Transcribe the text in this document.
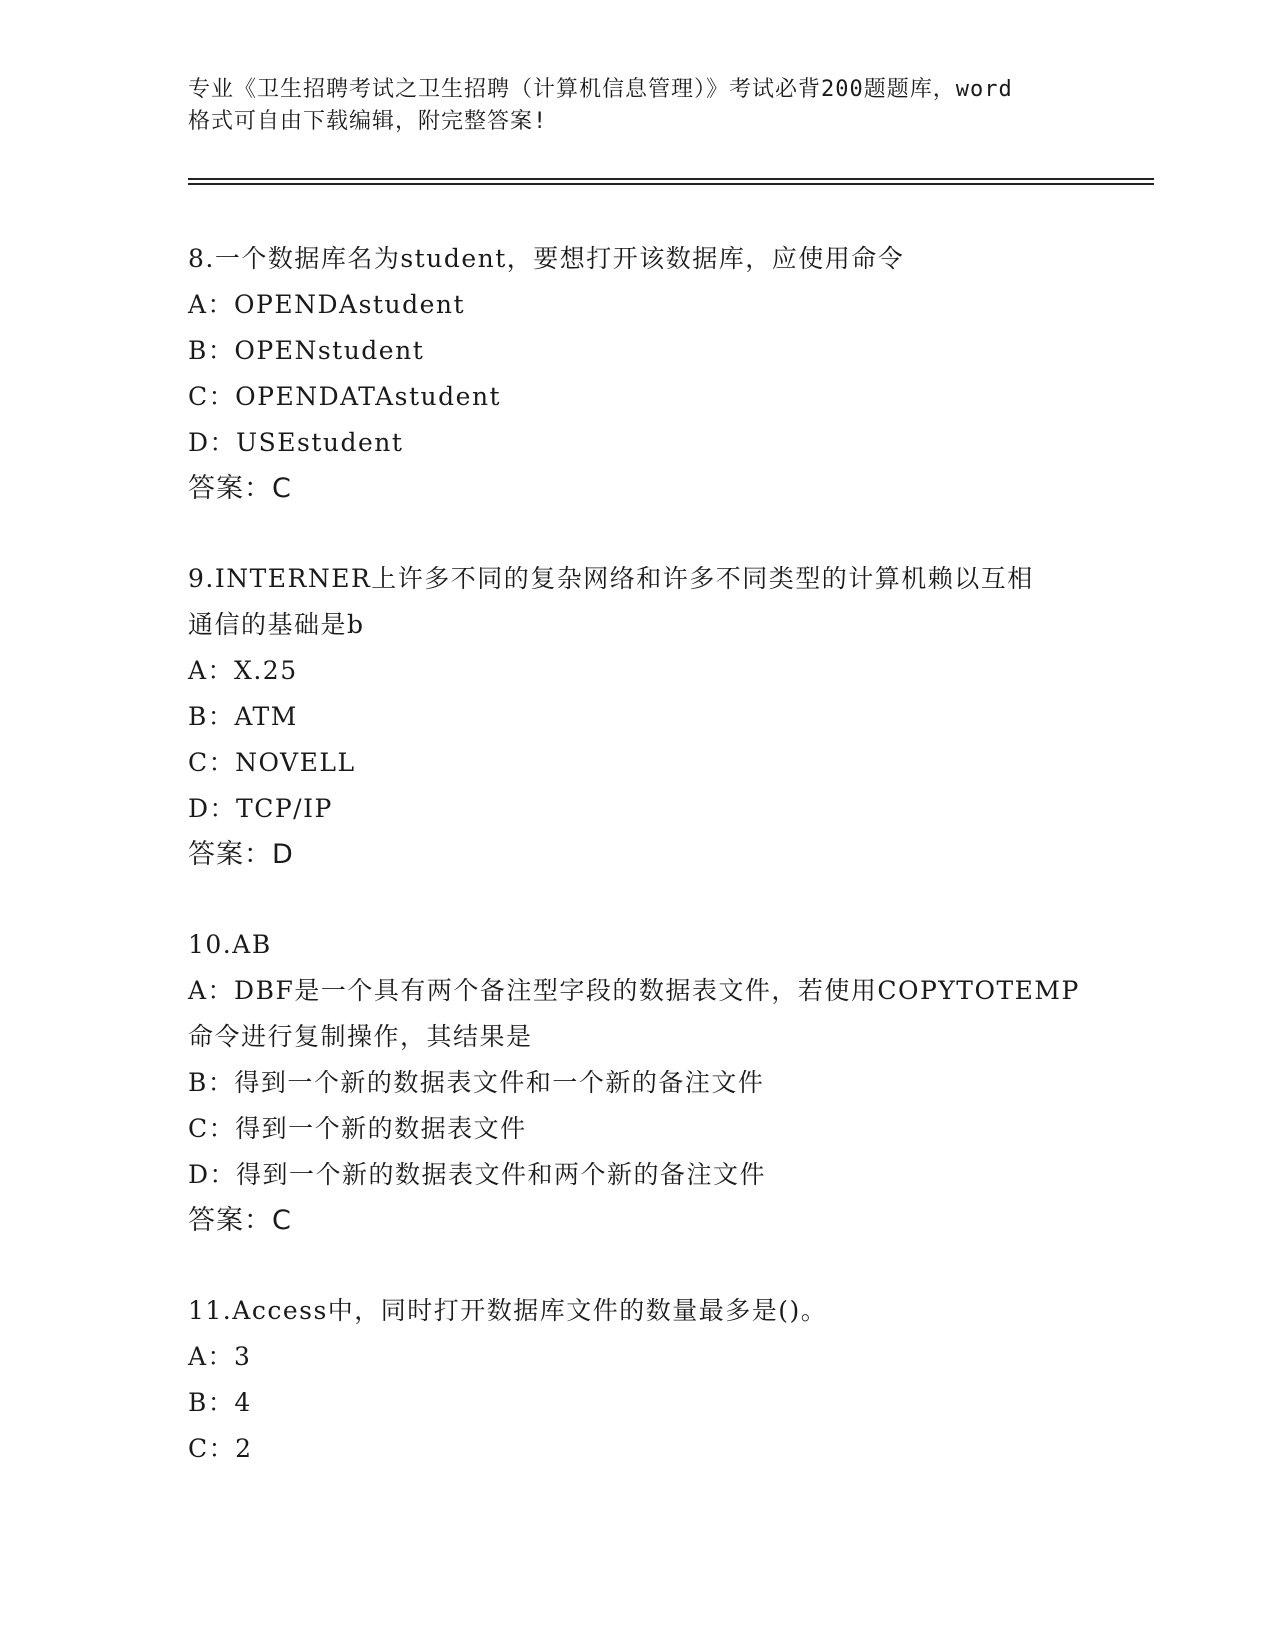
专业《卫生招聘考试之卫生招聘（计算机信息管理）》考试必背200题题库，word

格式可自由下载编辑，附完整答案!

8.一个数据库名为student，要想打开该数据库，应使用命令

A：OPENDAstudent

B：OPENstudent

C：OPENDATAstudent

D：USEstudent

答案：C

9.INTERNER上许多不同的复杂网络和许多不同类型的计算机赖以互相

通信的基础是b

A：X.25

B：ATM

C：NOVELL

D：TCP/IP

答案：D

10.AB

A：DBF是一个具有两个备注型字段的数据表文件，若使用COPYTOTEMP

命令进行复制操作，其结果是

B：得到一个新的数据表文件和一个新的备注文件

C：得到一个新的数据表文件

D：得到一个新的数据表文件和两个新的备注文件

答案：C

11.Access中，同时打开数据库文件的数量最多是()。

A：3

B：4

C：2
